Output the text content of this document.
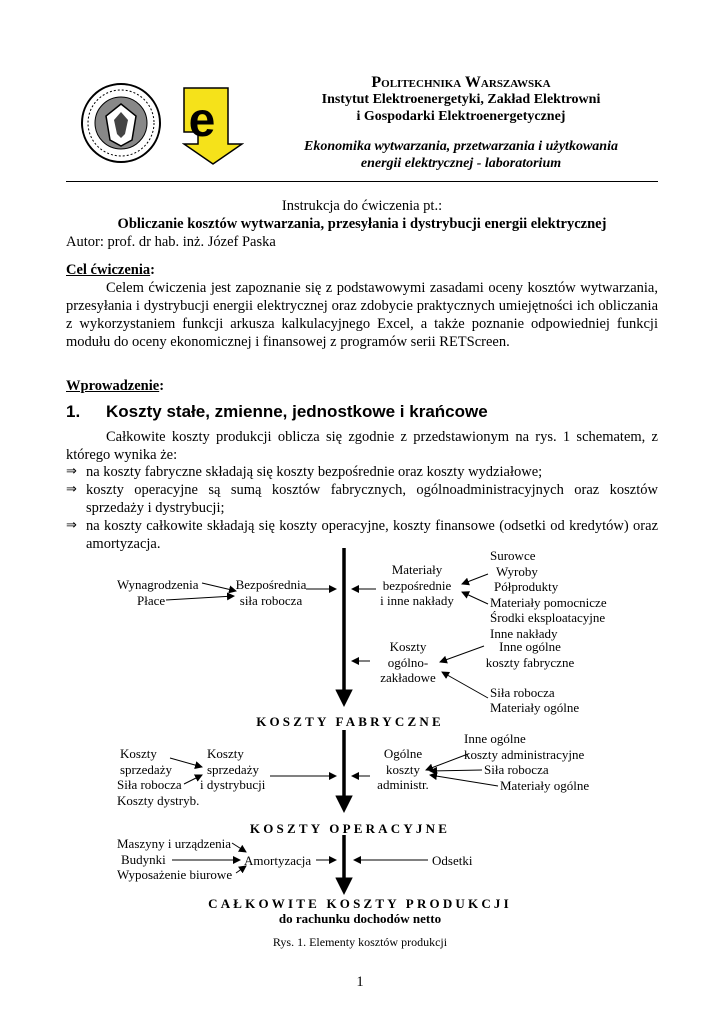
e
Politechnika Warszawska
Instytut Elektroenergetyki, Zakład Elektrowni
i Gospodarki Elektroenergetycznej
Ekonomika wytwarzania, przetwarzania i użytkowania
energii elektrycznej - laboratorium
Instrukcja do ćwiczenia pt.:
Obliczanie kosztów wytwarzania, przesyłania i dystrybucji energii elektrycznej
Autor: prof. dr hab. inż. Józef Paska
Cel ćwiczenia:
Celem ćwiczenia jest zapoznanie się z podstawowymi zasadami oceny kosztów wytwarzania, przesyłania i dystrybucji energii elektrycznej oraz zdobycie praktycznych umiejętności ich obliczania z wykorzystaniem funkcji arkusza kalkulacyjnego Excel, a także poznanie odpowiedniej funkcji modułu do oceny ekonomicznej i finansowej z programów serii RETScreen.
Wprowadzenie:
1. Koszty stałe, zmienne, jednostkowe i krańcowe
Całkowite koszty produkcji oblicza się zgodnie z przedstawionym na rys. 1 schematem, z którego wynika że:
⇒ na koszty fabryczne składają się koszty bezpośrednie oraz koszty wydziałowe;
⇒ koszty operacyjne są sumą kosztów fabrycznych, ogólnoadministracyjnych oraz kosztów sprzedaży i dystrybucji;
⇒ na koszty całkowite składają się koszty operacyjne, koszty finansowe (odsetki od kredytów) oraz amortyzacja.
Wynagrodzenia
Płace
Bezpośrednia
siła robocza
Materiały
bezpośrednie
i inne nakłady
Surowce
Wyroby
Półprodukty
Materiały pomocnicze
Środki eksploatacyjne
Inne nakłady
Inne ogólne
koszty fabryczne
Koszty
ogólno-
zakładowe
Siła robocza
Materiały ogólne
KOSZTY FABRYCZNE
Koszty
sprzedaży
Siła robocza
Koszty dystryb.
Koszty
sprzedaży
i dystrybucji
Ogólne
koszty
administr.
Inne ogólne
koszty administracyjne
Siła robocza
Materiały ogólne
KOSZTY OPERACYJNE
Maszyny i urządzenia
Budynki
Wyposażenie biurowe
Amortyzacja	Odsetki
CAŁKOWITE KOSZTY PRODUKCJI
do rachunku dochodów netto
Rys. 1. Elementy kosztów produkcji
1
